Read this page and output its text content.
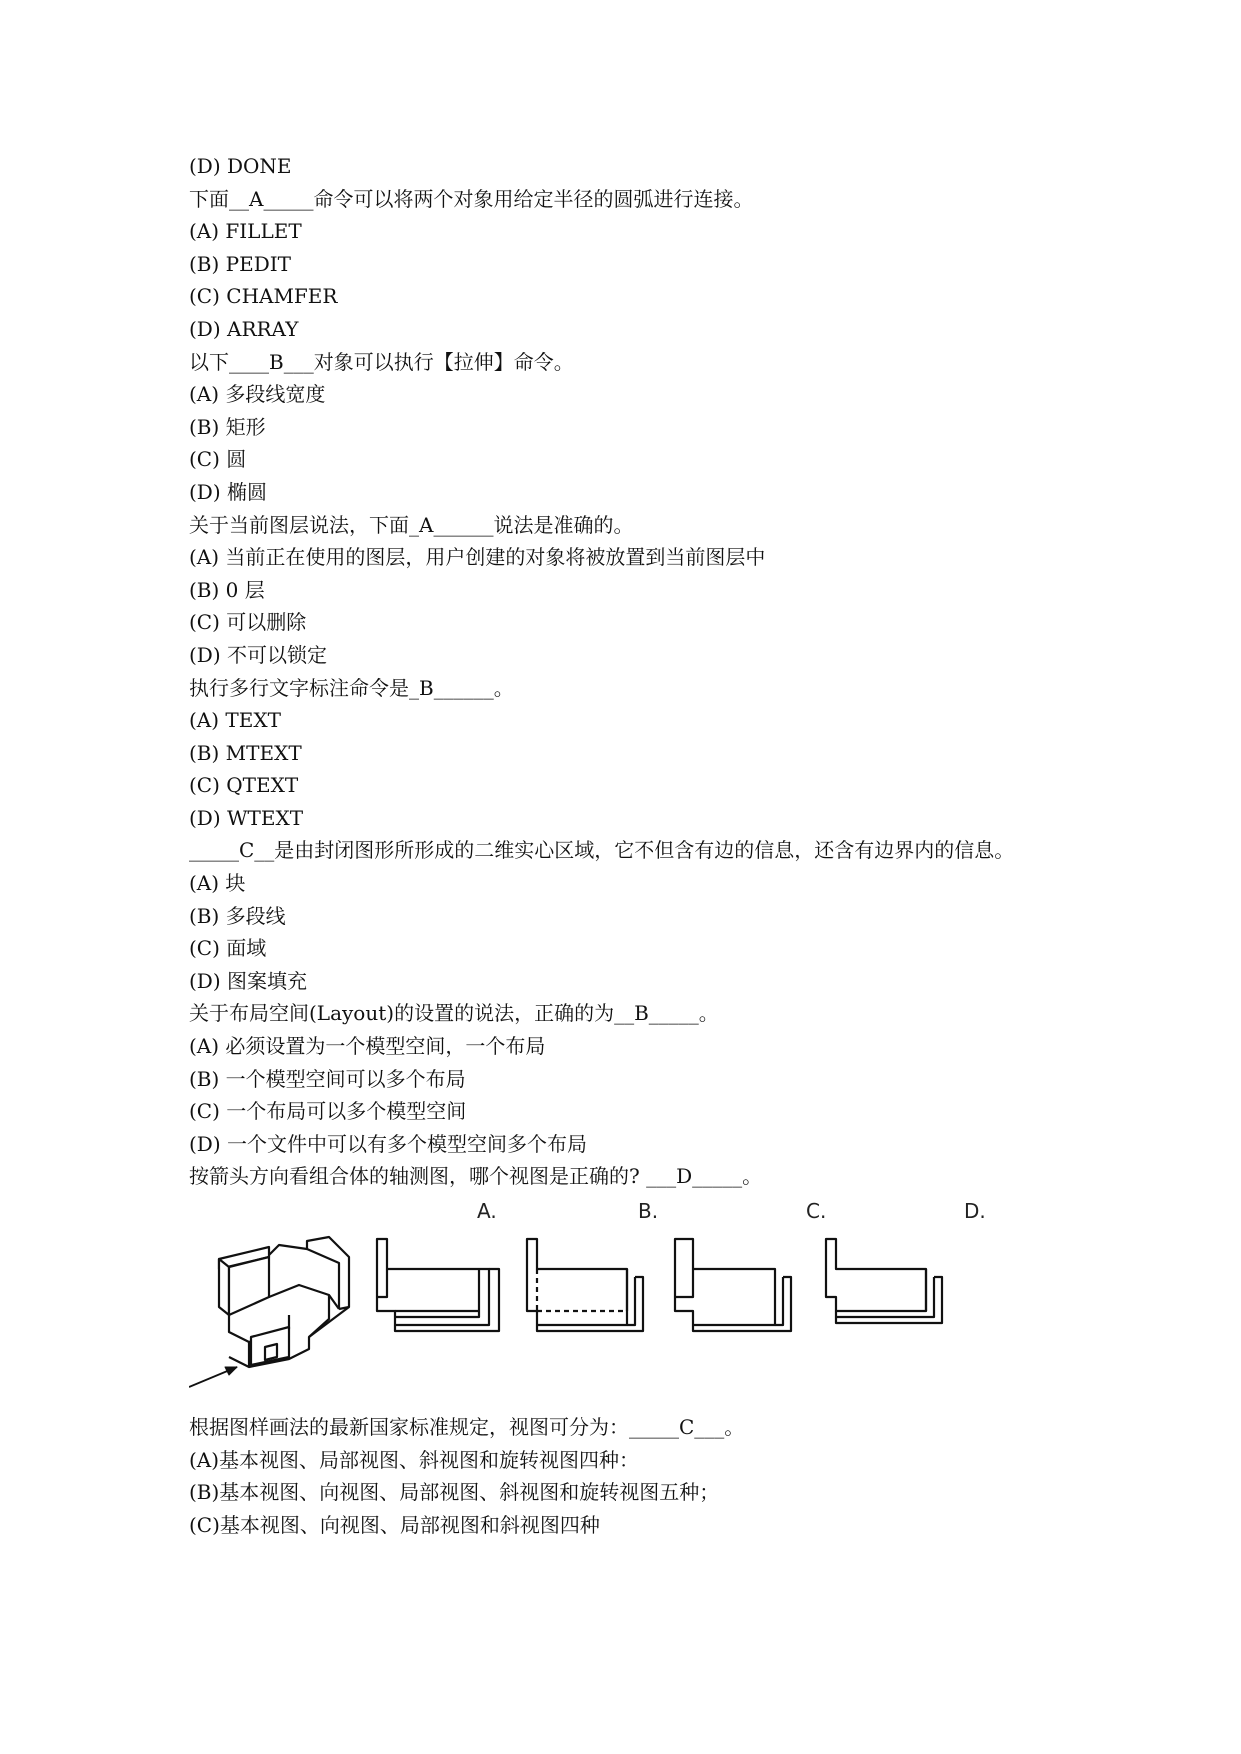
(D) DONE
下面__A_____命令可以将两个对象用给定半径的圆弧进行连接。
(A) FILLET
(B) PEDIT
(C) CHAMFER
(D) ARRAY
以下____B___对象可以执行【拉伸】命令。
(A) 多段线宽度
(B) 矩形
(C) 圆
(D) 椭圆
关于当前图层说法，下面_A______说法是准确的。
(A) 当前正在使用的图层，用户创建的对象将被放置到当前图层中
(B) 0 层
(C) 可以删除
(D) 不可以锁定
执行多行文字标注命令是_B______。
(A) TEXT
(B) MTEXT
(C) QTEXT
(D) WTEXT
_____C__是由封闭图形所形成的二维实心区域，它不但含有边的信息，还含有边界内的信息。
(A) 块
(B) 多段线
(C) 面域
(D) 图案填充
关于布局空间(Layout)的设置的说法，正确的为__B_____。
(A) 必须设置为一个模型空间，一个布局
(B) 一个模型空间可以多个布局
(C) 一个布局可以多个模型空间
(D) 一个文件中可以有多个模型空间多个布局
按箭头方向看组合体的轴测图，哪个视图是正确的? ___D_____。
A.	B.	C.	D.
根据图样画法的最新国家标准规定，视图可分为：_____C___。
(A)基本视图、局部视图、斜视图和旋转视图四种：
(B)基本视图、向视图、局部视图、斜视图和旋转视图五种；
(C)基本视图、向视图、局部视图和斜视图四种
